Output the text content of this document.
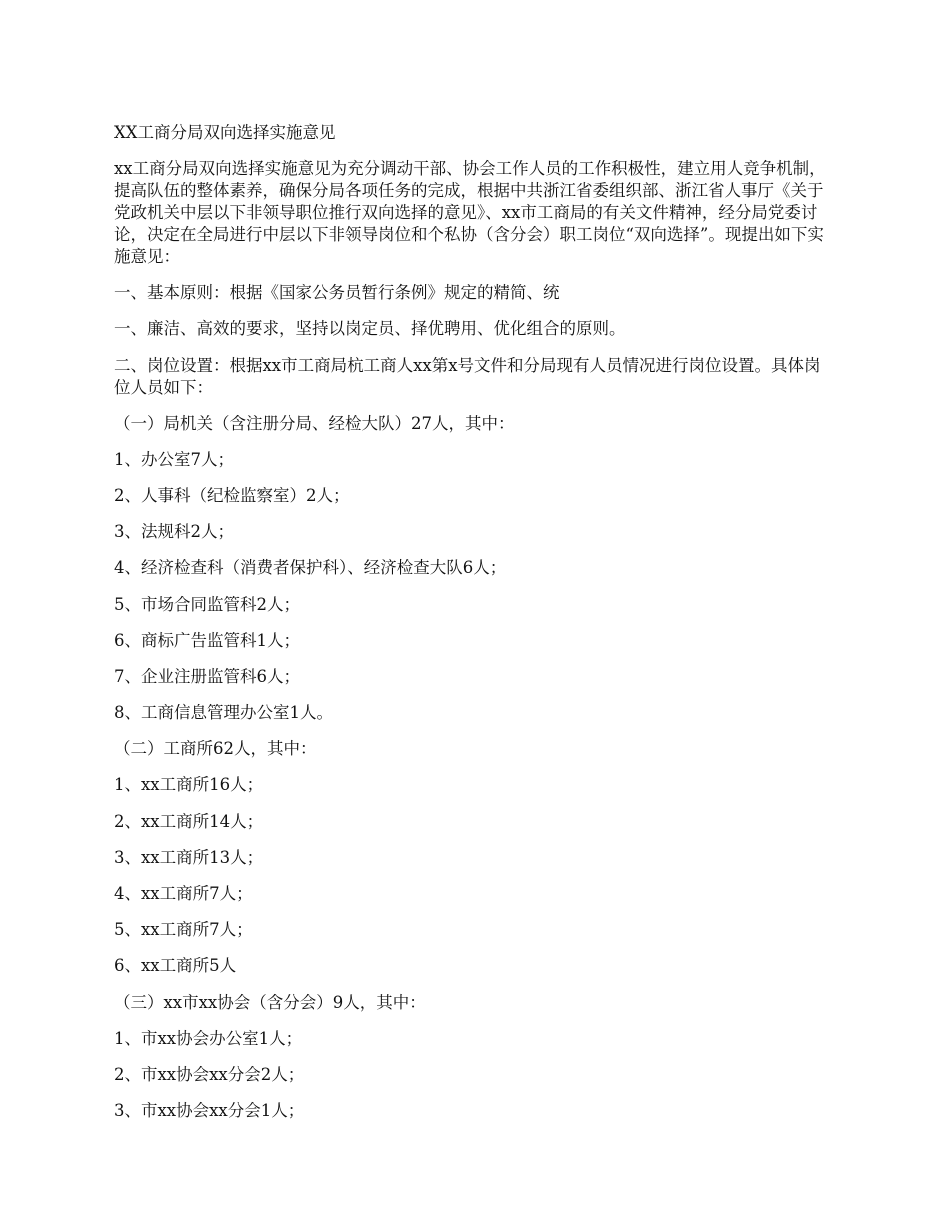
XX工商分局双向选择实施意见

xx工商分局双向选择实施意见为充分调动干部、协会工作人员的工作积极性，建立用人竞争机制，提高队伍的整体素养，确保分局各项任务的完成，根据中共浙江省委组织部、浙江省人事厅《关于党政机关中层以下非领导职位推行双向选择的意见》、xx市工商局的有关文件精神，经分局党委讨论，决定在全局进行中层以下非领导岗位和个私协（含分会）职工岗位“双向选择”。现提出如下实施意见：

一、基本原则：根据《国家公务员暂行条例》规定的精简、统

一、廉洁、高效的要求，坚持以岗定员、择优聘用、优化组合的原则。

二、岗位设置：根据xx市工商局杭工商人xx第x号文件和分局现有人员情况进行岗位设置。具体岗位人员如下：

（一）局机关（含注册分局、经检大队）27人，其中：

1、办公室7人；

2、人事科（纪检监察室）2人；

3、法规科2人；

4、经济检查科（消费者保护科）、经济检查大队6人；

5、市场合同监管科2人；

6、商标广告监管科1人；

7、企业注册监管科6人；

8、工商信息管理办公室1人。

（二）工商所62人，其中：

1、xx工商所16人；

2、xx工商所14人；

3、xx工商所13人；

4、xx工商所7人；

5、xx工商所7人；

6、xx工商所5人

（三）xx市xx协会（含分会）9人，其中：

1、市xx协会办公室1人；

2、市xx协会xx分会2人；

3、市xx协会xx分会1人；
